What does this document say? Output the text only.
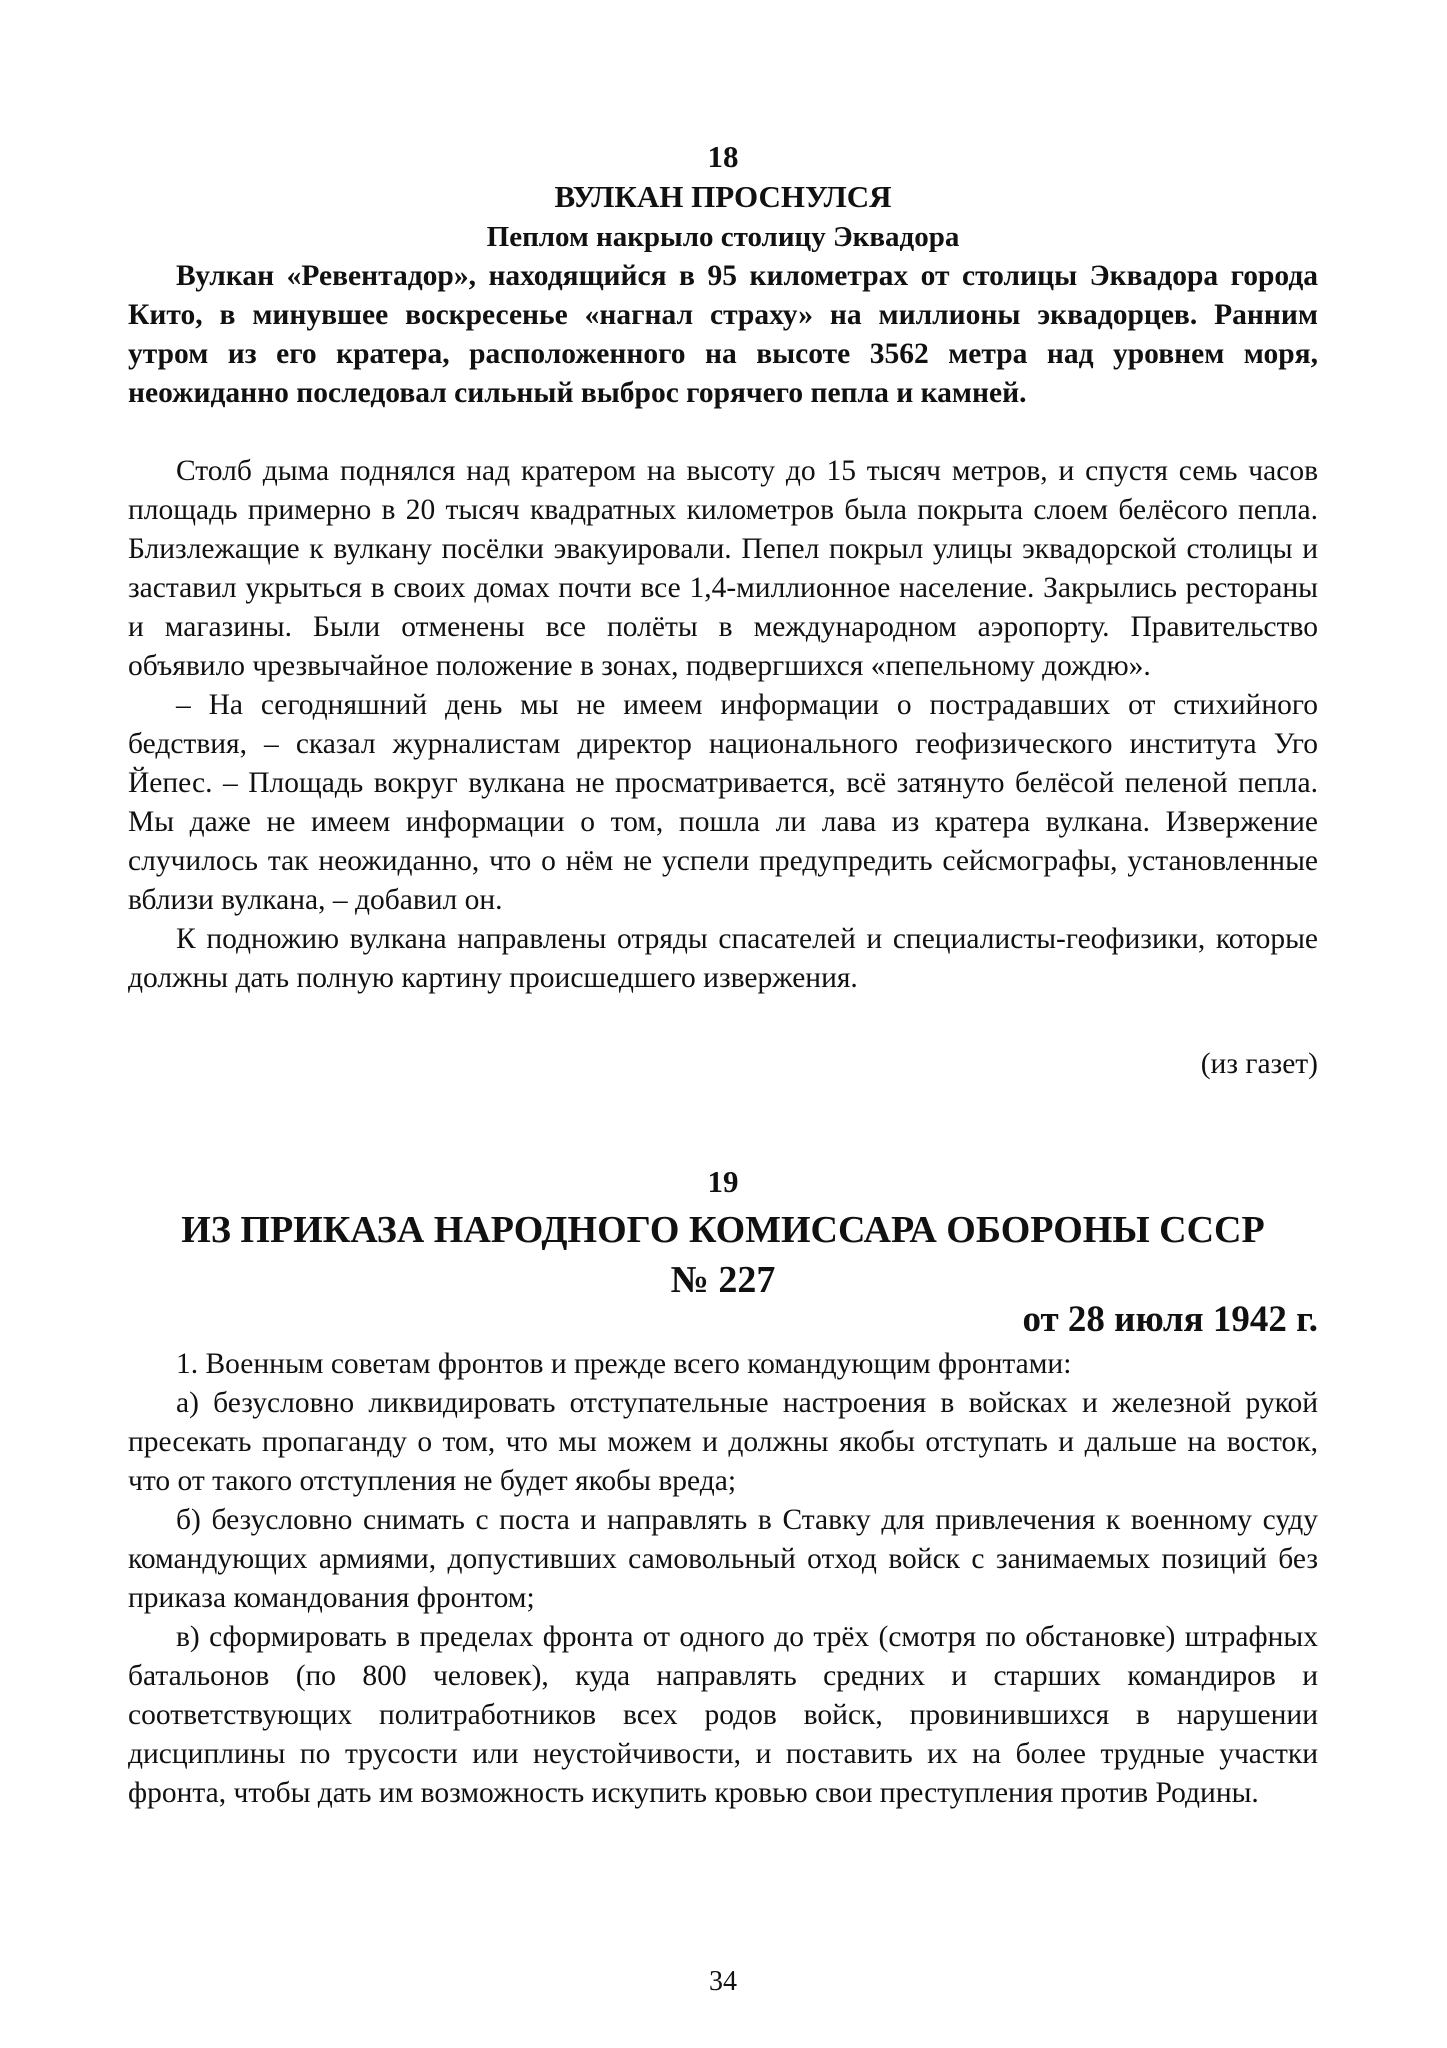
18
ВУЛКАН ПРОСНУЛСЯ
Пеплом накрыло столицу Эквадора
Вулкан «Ревентадор», находящийся в 95 километрах от столицы Эквадора города Кито, в минувшее воскресенье «нагнал страху» на миллионы эквадорцев. Ранним утром из его кратера, расположенного на высоте 3562 метра над уровнем моря, неожиданно последовал сильный выброс горячего пепла и камней.

Столб дыма поднялся над кратером на высоту до 15 тысяч метров, и спустя семь часов площадь примерно в 20 тысяч квадратных километров была покрыта слоем белёсого пепла. Близлежащие к вулкану посёлки эвакуировали. Пепел покрыл улицы эквадорской столицы и заставил укрыться в своих домах почти все 1,4-миллионное население. Закрылись рестораны и магазины. Были отменены все полёты в международном аэропорту. Правительство объявило чрезвычайное положение в зонах, подвергшихся «пепельному дождю».

– На сегодняшний день мы не имеем информации о пострадавших от стихийного бедствия, – сказал журналистам директор национального геофизического института Уго Йепес. – Площадь вокруг вулкана не просматривается, всё затянуто белёсой пеленой пепла. Мы даже не имеем информации о том, пошла ли лава из кратера вулкана. Извержение случилось так неожиданно, что о нём не успели предупредить сейсмографы, установленные вблизи вулкана, – добавил он.

К подножию вулкана направлены отряды спасателей и специалисты-геофизики, которые должны дать полную картину происшедшего извержения.

(из газет)
19
ИЗ ПРИКАЗА НАРОДНОГО КОМИССАРА ОБОРОНЫ СССР
№ 227
от 28 июля 1942 г.

1. Военным советам фронтов и прежде всего командующим фронтами:

а) безусловно ликвидировать отступательные настроения в войсках и железной рукой пресекать пропаганду о том, что мы можем и должны якобы отступать и дальше на восток, что от такого отступления не будет якобы вреда;

б) безусловно снимать с поста и направлять в Ставку для привлечения к военному суду командующих армиями, допустивших самовольный отход войск с занимаемых позиций без приказа командования фронтом;

в) сформировать в пределах фронта от одного до трёх (смотря по обстановке) штрафных батальонов (по 800 человек), куда направлять средних и старших командиров и соответствующих политработников всех родов войск, провинившихся в нарушении дисциплины по трусости или неустойчивости, и поставить их на более трудные участки фронта, чтобы дать им возможность искупить кровью свои преступления против Родины.

34
